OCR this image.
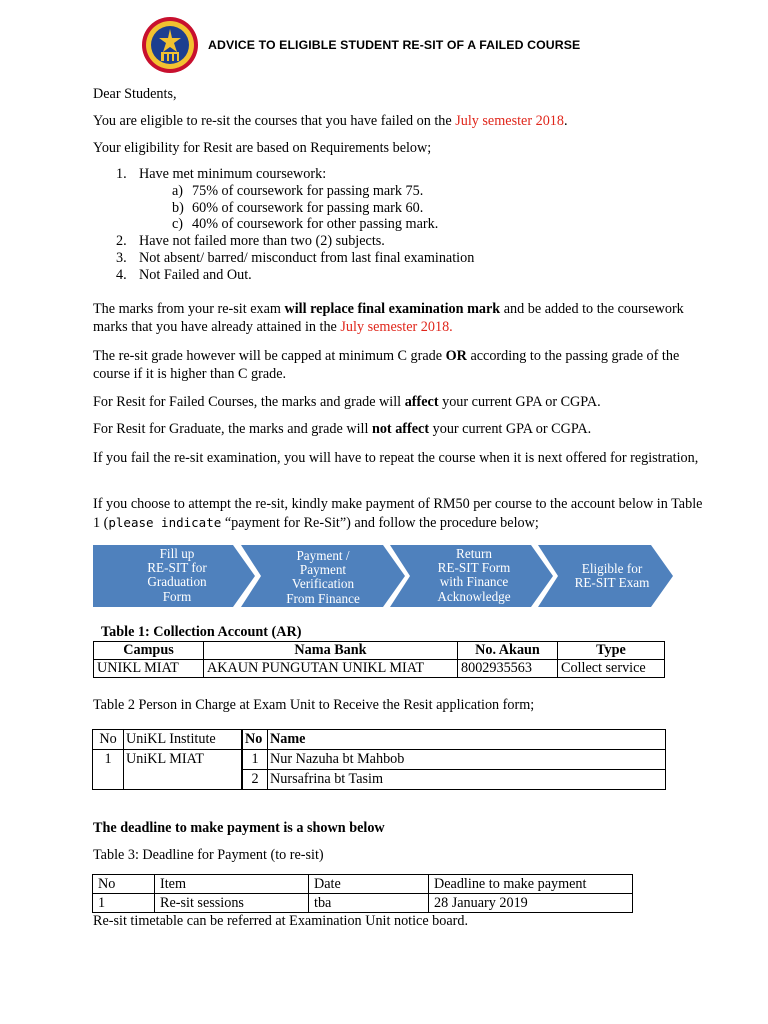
ADVICE TO ELIGIBLE STUDENT RE-SIT OF A FAILED COURSE

Dear Students,

You are eligible to re-sit the courses that you have failed on the July semester 2018.

Your eligibility for Resit are based on Requirements below;

1. Have met minimum coursework:
a) 75% of coursework for passing mark 75.
b) 60% of coursework for passing mark 60.
c) 40% of coursework for other passing mark.
2. Have not failed more than two (2) subjects.
3. Not absent/ barred/ misconduct from last final examination
4. Not Failed and Out.

The marks from your re-sit exam will replace final examination mark and be added to the coursework marks that you have already attained in the July semester 2018.

The re-sit grade however will be capped at minimum C grade OR according to the passing grade of the course if it is higher than C grade.

For Resit for Failed Courses, the marks and grade will affect your current GPA or CGPA.

For Resit for Graduate, the marks and grade will not affect your current GPA or CGPA.

If you fail the re-sit examination, you will have to repeat the course when it is next offered for registration,

If you choose to attempt the re-sit, kindly make payment of RM50 per course to the account below in Table 1 (please indicate “payment for Re-Sit”) and follow the procedure below;

Fill up
RE-SIT for
Graduation
Form
Payment /
Payment
Verification
From Finance
Return
RE-SIT Form
with Finance
Acknowledge
Eligible for
RE-SIT Exam
Table 1: Collection Account (AR)
Campus	Nama Bank	No. Akaun	Type
UNIKL MIAT	AKAUN PUNGUTAN UNIKL MIAT	8002935563	Collect service

Table 2 Person in Charge at Exam Unit to Receive the Resit application form;

No	UniKL Institute	No	Name
1	UniKL MIAT	1	Nur Nazuha bt Mahbob
		2	Nursafrina bt Tasim

The deadline to make payment is a shown below

Table 3: Deadline for Payment (to re-sit)

No	Item	Date	Deadline to make payment
1	Re-sit sessions	tba	28 January 2019

Re-sit timetable can be referred at Examination Unit notice board.
